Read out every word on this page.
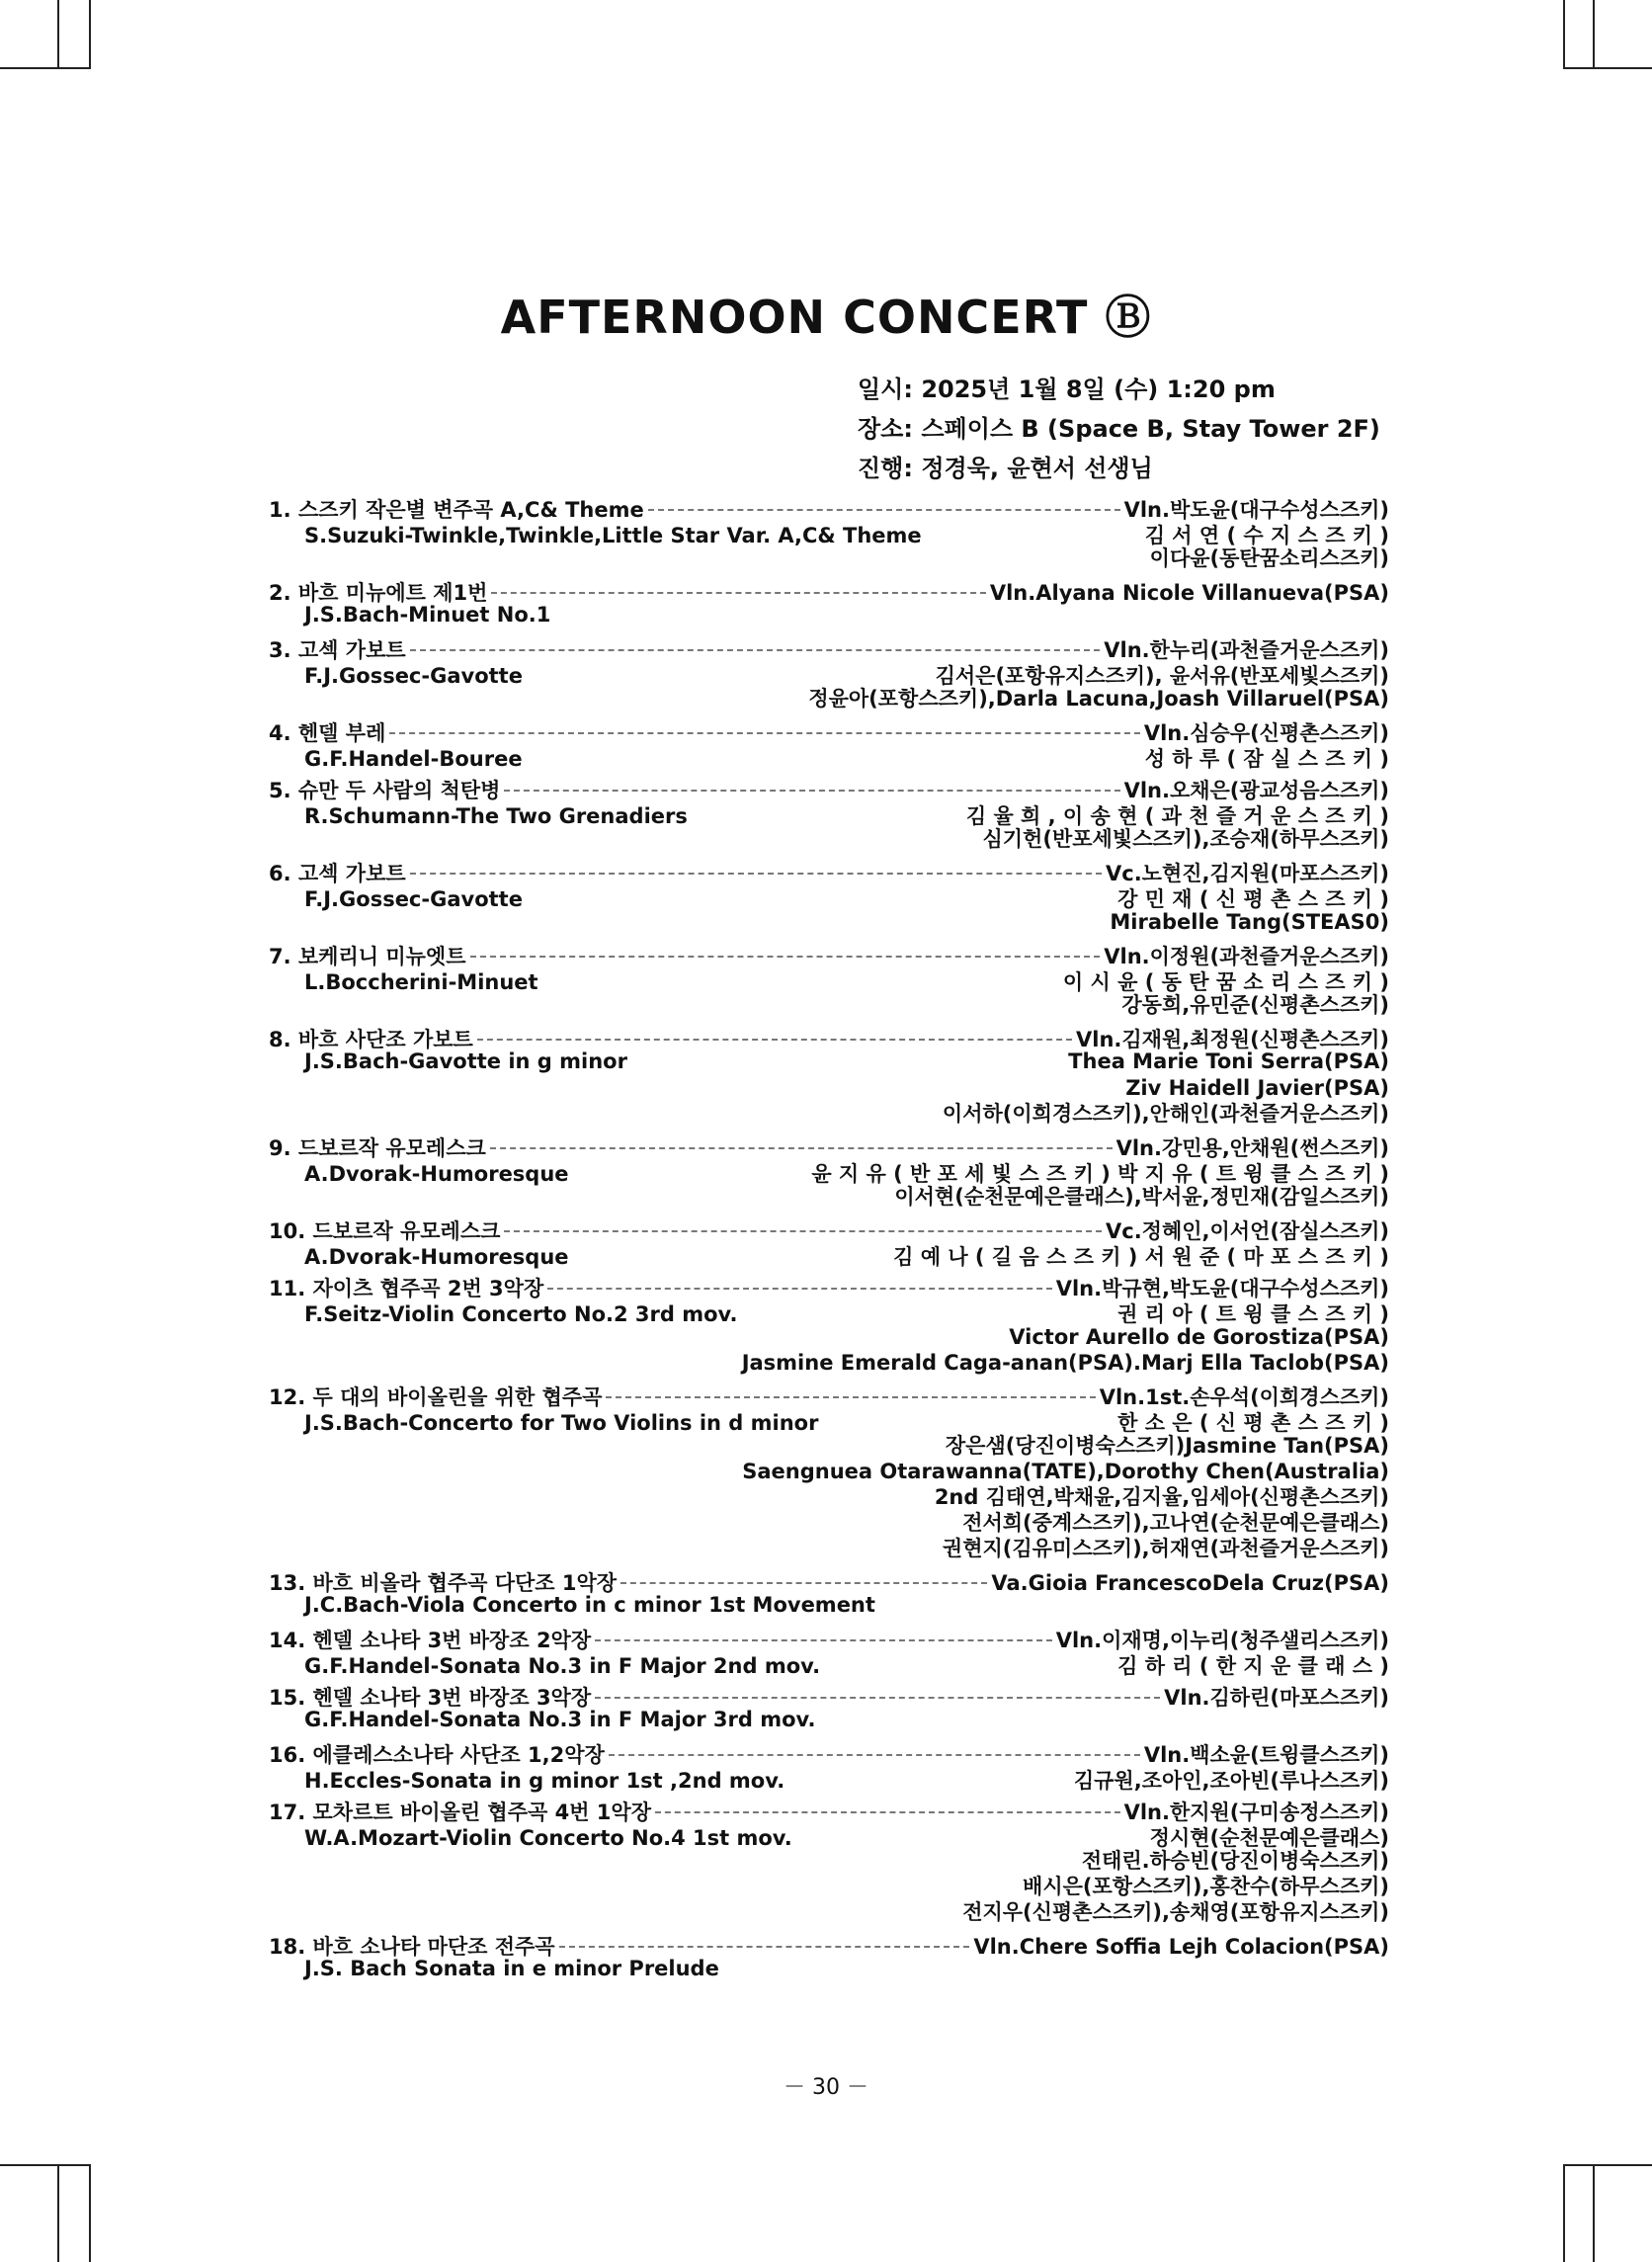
AFTERNOON CONCERT Ⓑ
일시: 2025년 1월 8일 (수) 1:20 pm
장소: 스페이스 B (Space B, Stay Tower 2F)
진행: 정경욱, 윤현서 선생님
1. 스즈키 작은별 변주곡 A,C& Theme	Vln.박도윤(대구수성스즈키)
S.Suzuki-Twinkle,Twinkle,Little Star Var. A,C& Theme	김 서 연 ( 수 지 스 즈 키 )
이다윤(동탄꿈소리스즈키)
2. 바흐 미뉴에트 제1번	Vln.Alyana Nicole Villanueva(PSA)
J.S.Bach-Minuet No.1
3. 고섹 가보트	Vln.한누리(과천즐거운스즈키)
F.J.Gossec-Gavotte	김서은(포항유지스즈키), 윤서유(반포세빛스즈키)
정윤아(포항스즈키),Darla Lacuna,Joash Villaruel(PSA)
4. 헨델 부레	Vln.심승우(신평촌스즈키)
G.F.Handel-Bouree	성 하 루 ( 잠 실 스 즈 키 )
5. 슈만 두 사람의 척탄병	Vln.오채은(광교성음스즈키)
R.Schumann-The Two Grenadiers	김 율 희 , 이 송 현 ( 과 천 즐 거 운 스 즈 키 )
심기헌(반포세빛스즈키),조승재(하무스즈키)
6. 고섹 가보트	Vc.노현진,김지원(마포스즈키)
F.J.Gossec-Gavotte	강 민 재 ( 신 평 촌 스 즈 키 )
Mirabelle Tang(STEAS0)
7. 보케리니 미뉴엣트	Vln.이정원(과천즐거운스즈키)
L.Boccherini-Minuet	이 시 윤 ( 동 탄 꿈 소 리 스 즈 키 )
강동희,유민준(신평촌스즈키)
8. 바흐 사단조 가보트	Vln.김재원,최정원(신평촌스즈키)
J.S.Bach-Gavotte in g minor	Thea Marie Toni Serra(PSA)
Ziv Haidell Javier(PSA)
이서하(이희경스즈키),안해인(과천즐거운스즈키)
9. 드보르작 유모레스크	Vln.강민용,안채원(썬스즈키)
A.Dvorak-Humoresque	윤 지 유 ( 반 포 세 빛 스 즈 키 ) 박 지 유 ( 트 윙 클 스 즈 키 )
이서현(순천문예은클래스),박서윤,정민재(감일스즈키)
10. 드보르작 유모레스크	Vc.정혜인,이서언(잠실스즈키)
A.Dvorak-Humoresque	김 예 나 ( 길 음 스 즈 키 ) 서 원 준 ( 마 포 스 즈 키 )
11. 자이츠 협주곡 2번 3악장	Vln.박규현,박도윤(대구수성스즈키)
F.Seitz-Violin Concerto No.2 3rd mov.	권 리 아 ( 트 윙 클 스 즈 키 )
Victor Aurello de Gorostiza(PSA)
Jasmine Emerald Caga-anan(PSA).Marj Ella Taclob(PSA)
12. 두 대의 바이올린을 위한 협주곡	Vln.1st.손우석(이희경스즈키)
J.S.Bach-Concerto for Two Violins in d minor	한 소 은 ( 신 평 촌 스 즈 키 )
장은샘(당진이병숙스즈키)Jasmine Tan(PSA)
Saengnuea Otarawanna(TATE),Dorothy Chen(Australia)
2nd 김태연,박채윤,김지율,임세아(신평촌스즈키)
전서희(중계스즈키),고나연(순천문예은클래스)
권현지(김유미스즈키),허재연(과천즐거운스즈키)
13. 바흐 비올라 협주곡 다단조 1악장	Va.Gioia FrancescoDela Cruz(PSA)
J.C.Bach-Viola Concerto in c minor 1st Movement
14. 헨델 소나타 3번 바장조 2악장	Vln.이재명,이누리(청주샐리스즈키)
G.F.Handel-Sonata No.3 in F Major 2nd mov.	김 하 리 ( 한 지 운 클 래 스 )
15. 헨델 소나타 3번 바장조 3악장	Vln.김하린(마포스즈키)
G.F.Handel-Sonata No.3 in F Major 3rd mov.
16. 에클레스소나타 사단조 1,2악장	Vln.백소윤(트윙클스즈키)
H.Eccles-Sonata in g minor 1st ,2nd mov.	김규원,조아인,조아빈(루나스즈키)
17. 모차르트 바이올린 협주곡 4번 1악장	Vln.한지원(구미송정스즈키)
W.A.Mozart-Violin Concerto No.4 1st mov.	정시현(순천문예은클래스)
전태린.하승빈(당진이병숙스즈키)
배시은(포항스즈키),홍찬수(하무스즈키)
전지우(신평촌스즈키),송채영(포항유지스즈키)
18. 바흐 소나타 마단조 전주곡	Vln.Chere Soffia Lejh Colacion(PSA)
J.S. Bach Sonata in e minor Prelude
－ 30 －
